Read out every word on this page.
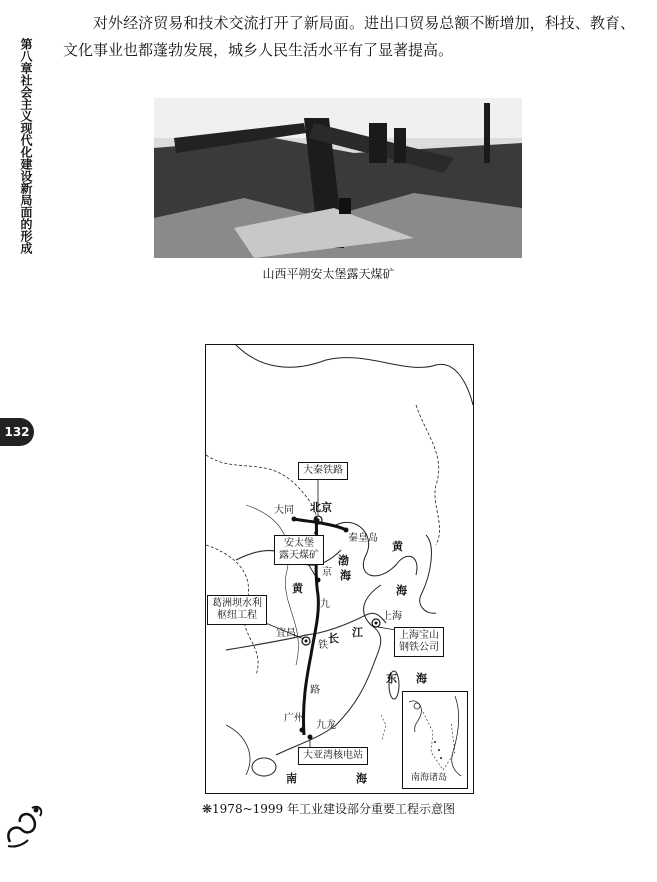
第八章社会主义现代化建设新局面的形成
132
对外经济贸易和技术交流打开了新局面。进出口贸易总额不断增加，科技、教育、文化事业也都蓬勃发展，城乡人民生活水平有了显著提高。
山西平朔安太堡露天煤矿
大秦铁路
安太堡
露天煤矿
葛洲坝水利
枢纽工程
上海宝山
钢铁公司
大亚湾核电站
大同 北京
秦皇岛
上海
宜昌
广州
九龙
黄
海
渤
海
黄
东 海
南	海
长 江
京
九
铁
路
南海诸岛
❋1978~1999 年工业建设部分重要工程示意图
